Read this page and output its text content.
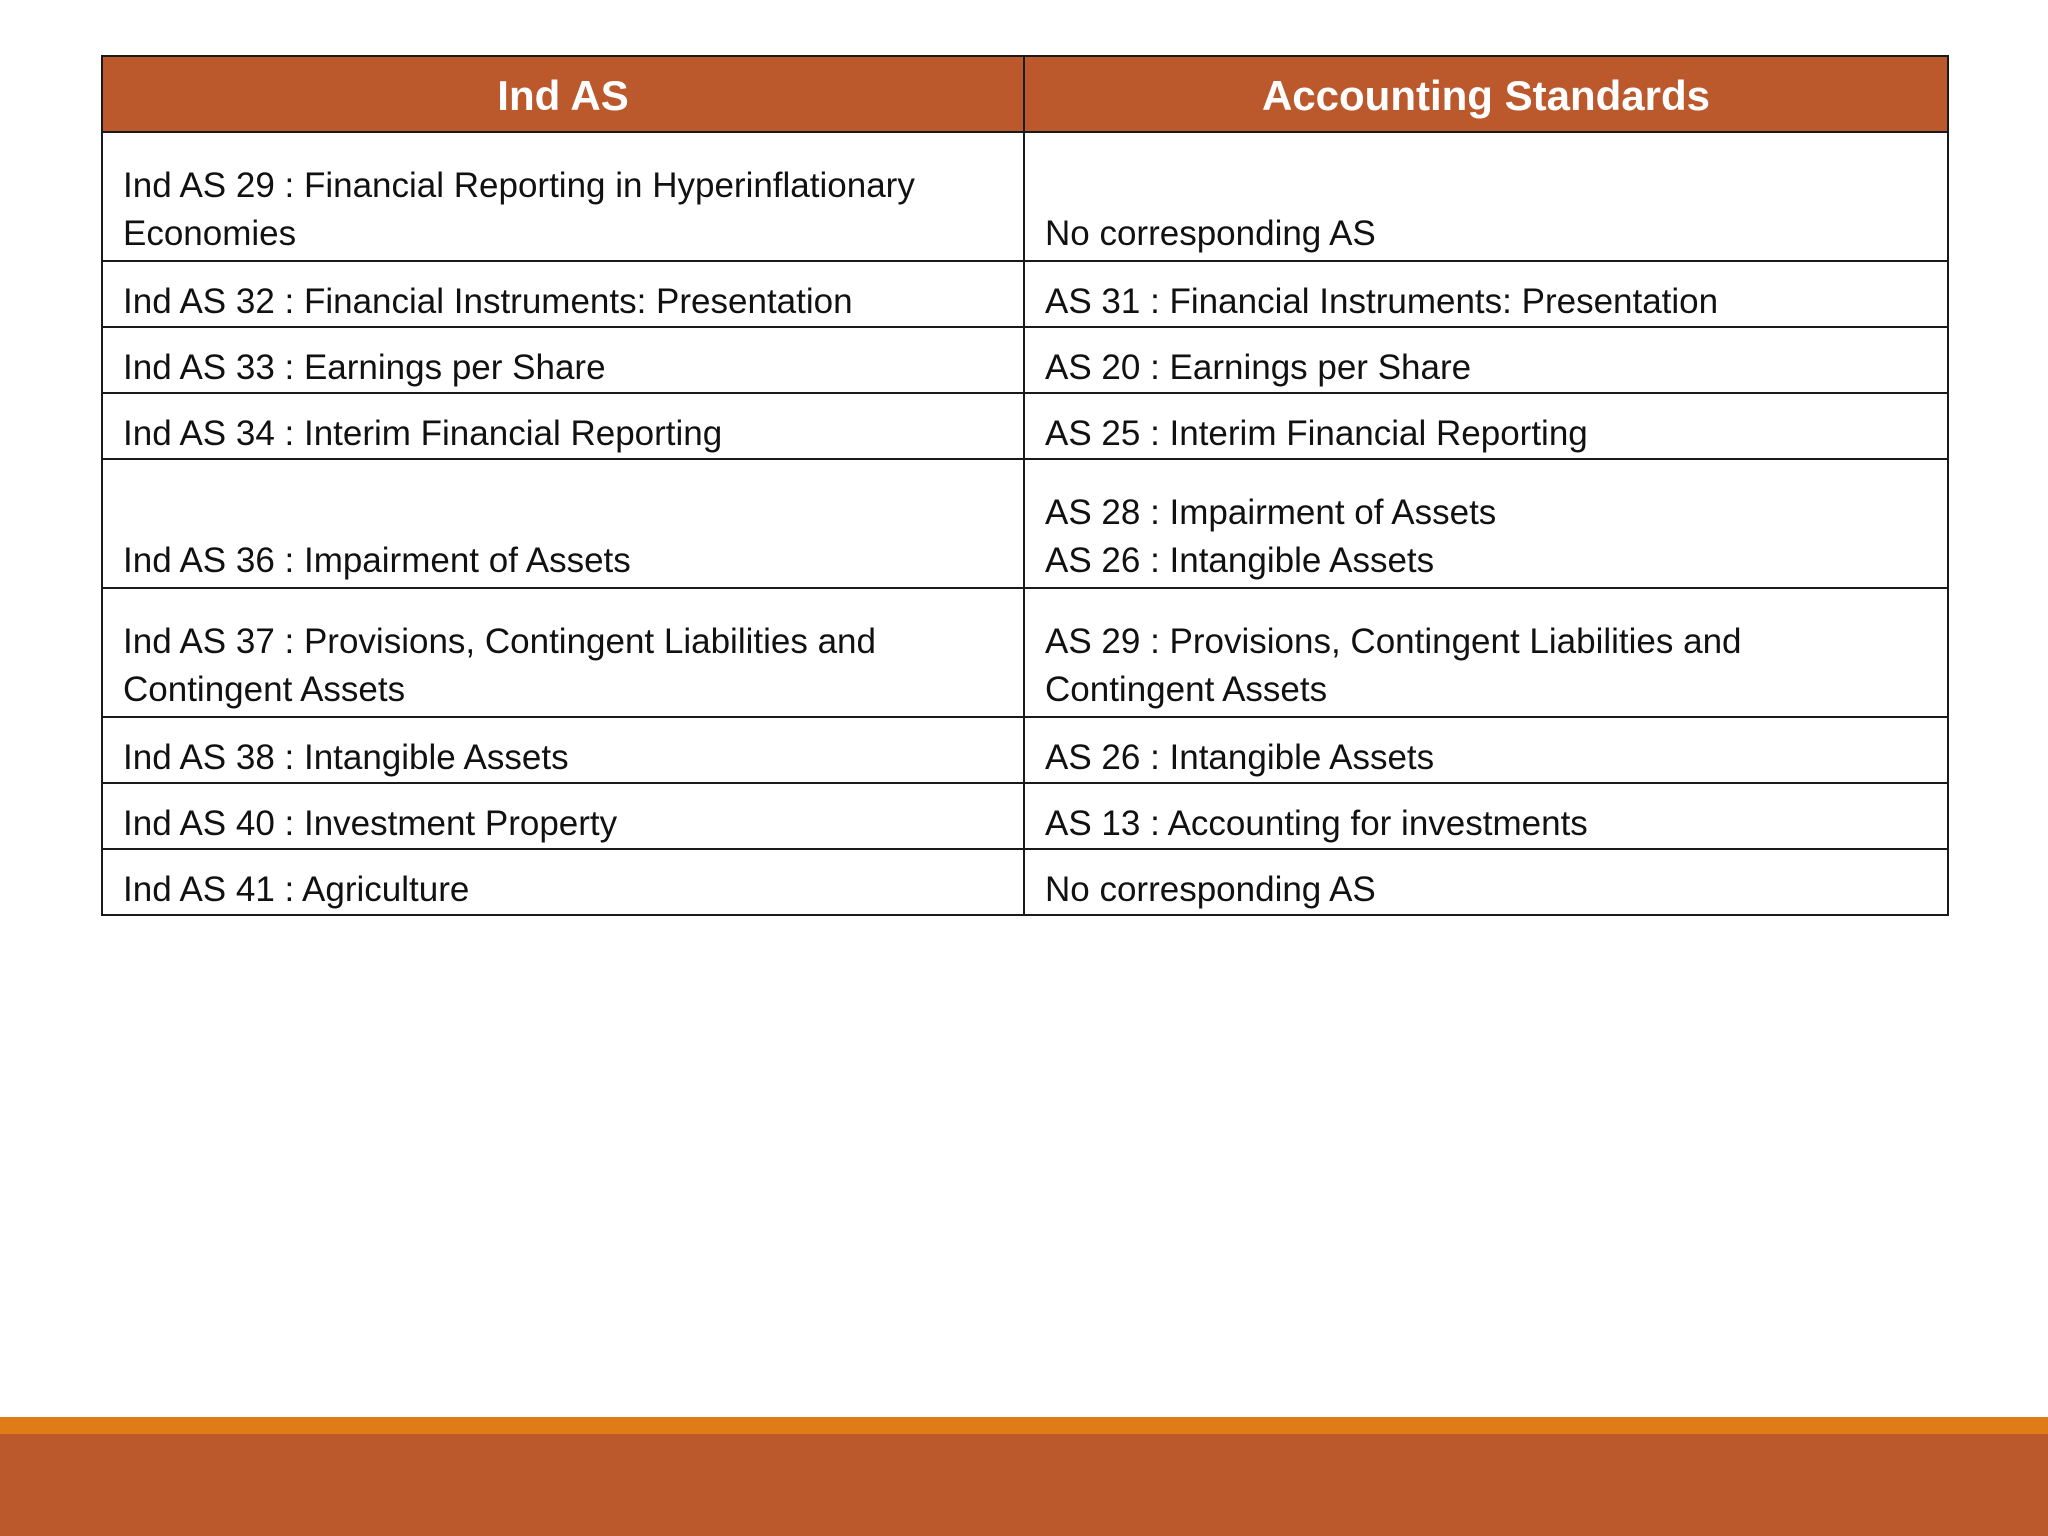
Ind AS	Accounting Standards

Ind AS 29 : Financial Reporting in Hyperinflationary
Economies	No corresponding AS

Ind AS 32 : Financial Instruments: Presentation	AS 31 : Financial Instruments: Presentation

Ind AS 33 : Earnings per Share	AS 20 : Earnings per Share

Ind AS 34 : Interim Financial Reporting	AS 25 : Interim Financial Reporting

Ind AS 36 : Impairment of Assets	AS 28 : Impairment of Assets
AS 26 : Intangible Assets

Ind AS 37 : Provisions, Contingent Liabilities and
Contingent Assets	AS 29 : Provisions, Contingent Liabilities and
Contingent Assets

Ind AS 38 : Intangible Assets	AS 26 : Intangible Assets

Ind AS 40 : Investment Property	AS 13 : Accounting for investments

Ind AS 41 : Agriculture	No corresponding AS
